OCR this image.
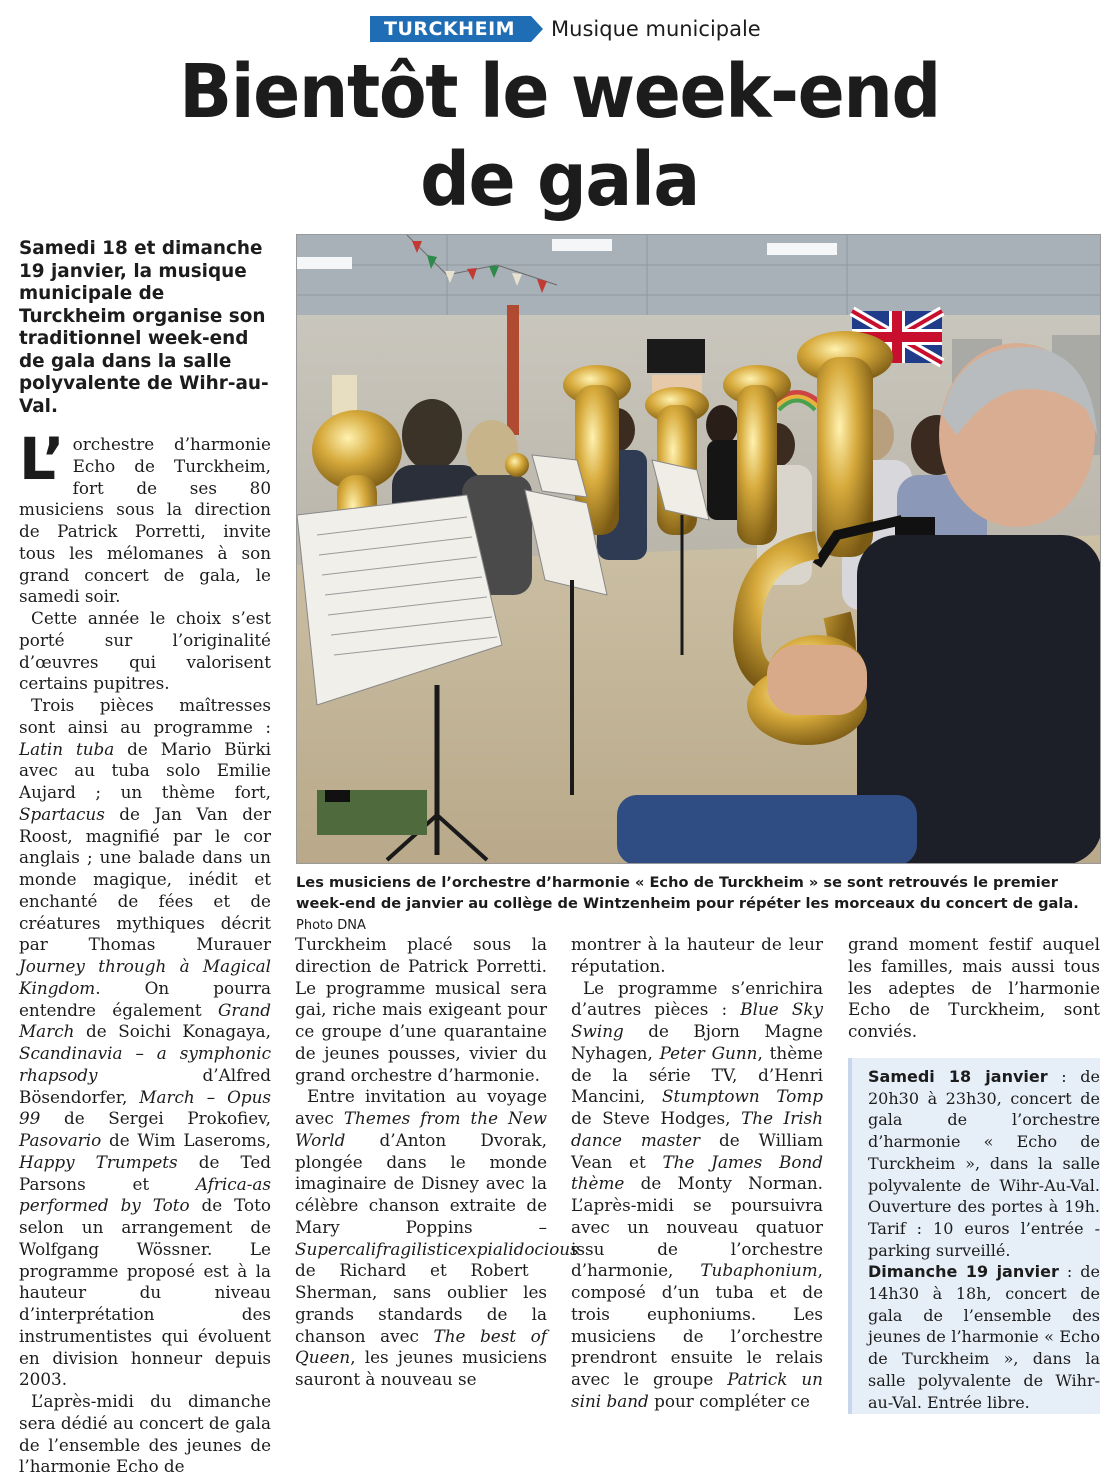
TURCKHEIM	Musique municipale
Bientôt le week-end
de gala
Samedi 18 et dimanche 19 janvier, la musique municipale de Turckheim organise son traditionnel week-end de gala dans la salle polyvalente de Wihr-au-Val.

L’ orchestre d’harmonie Echo de Turckheim, fort de ses 80 musiciens sous la direction de Patrick Porretti, invite tous les mélomanes à son grand concert de gala, le samedi soir.

Cette année le choix s’est porté sur l’originalité d’œuvres qui valorisent certains pupitres.

Trois pièces maîtresses sont ainsi au programme : Latin tuba de Mario Bürki avec au tuba solo Emilie Aujard ; un thème fort, Spartacus de Jan Van der Roost, magnifié par le cor anglais ; une balade dans un monde magique, inédit et enchanté de fées et de créatures mythiques décrit par Thomas Murauer Journey through à Magical Kingdom. On pourra entendre également Grand March de Soichi Konagaya, Scandinavia – a symphonic rhapsody d’Alfred Bösendorfer, March – Opus 99 de Sergei Prokofiev, Pasovario de Wim Laseroms, Happy Trumpets de Ted Parsons et Africa-as performed by Toto de Toto selon un arrangement de Wolfgang Wössner. Le programme proposé est à la hauteur du niveau d’interprétation des instrumentistes qui évoluent en division honneur depuis 2003.

L’après-midi du dimanche sera dédié au concert de gala de l’ensemble des jeunes de l’harmonie Echo de

Les musiciens de l’orchestre d’harmonie « Echo de Turckheim » se sont retrouvés le premier week-end de janvier au collège de Wintzenheim pour répéter les morceaux du concert de gala. Photo DNA

Turckheim placé sous la direction de Patrick Porretti. Le programme musical sera gai, riche mais exigeant pour ce groupe d’une quarantaine de jeunes pousses, vivier du grand orchestre d’harmonie.

Entre invitation au voyage avec Themes from the New World d’Anton Dvorak, plongée dans le monde imaginaire de Disney avec la célèbre chanson extraite de Mary Poppins – Supercalifragilisticexpialidocious de Richard et Robert Sherman, sans oublier les grands standards de la chanson avec The best of Queen, les jeunes musiciens sauront à nouveau se

montrer à la hauteur de leur réputation.

Le programme s’enrichira d’autres pièces : Blue Sky Swing de Bjorn Magne Nyhagen, Peter Gunn, thème de la série TV, d’Henri Mancini, Stumptown Tomp de Steve Hodges, The Irish dance master de William Vean et The James Bond thème de Monty Norman. L’après-midi se poursuivra avec un nouveau quatuor issu de l’orchestre d’harmonie, Tubaphonium, composé d’un tuba et de trois euphoniums. Les musiciens de l’orchestre prendront ensuite le relais avec le groupe Patrick un sini band pour compléter ce

grand moment festif auquel les familles, mais aussi tous les adeptes de l’harmonie Echo de Turckheim, sont conviés.

Samedi 18 janvier : de 20h30 à 23h30, concert de gala de l’orchestre d’harmonie « Echo de Turckheim », dans la salle polyvalente de Wihr-Au-Val. Ouverture des portes à 19h. Tarif : 10 euros l’entrée - parking surveillé.

Dimanche 19 janvier : de 14h30 à 18h, concert de gala de l’ensemble des jeunes de l’harmonie « Echo de Turckheim », dans la salle polyvalente de Wihr-au-Val. Entrée libre.
